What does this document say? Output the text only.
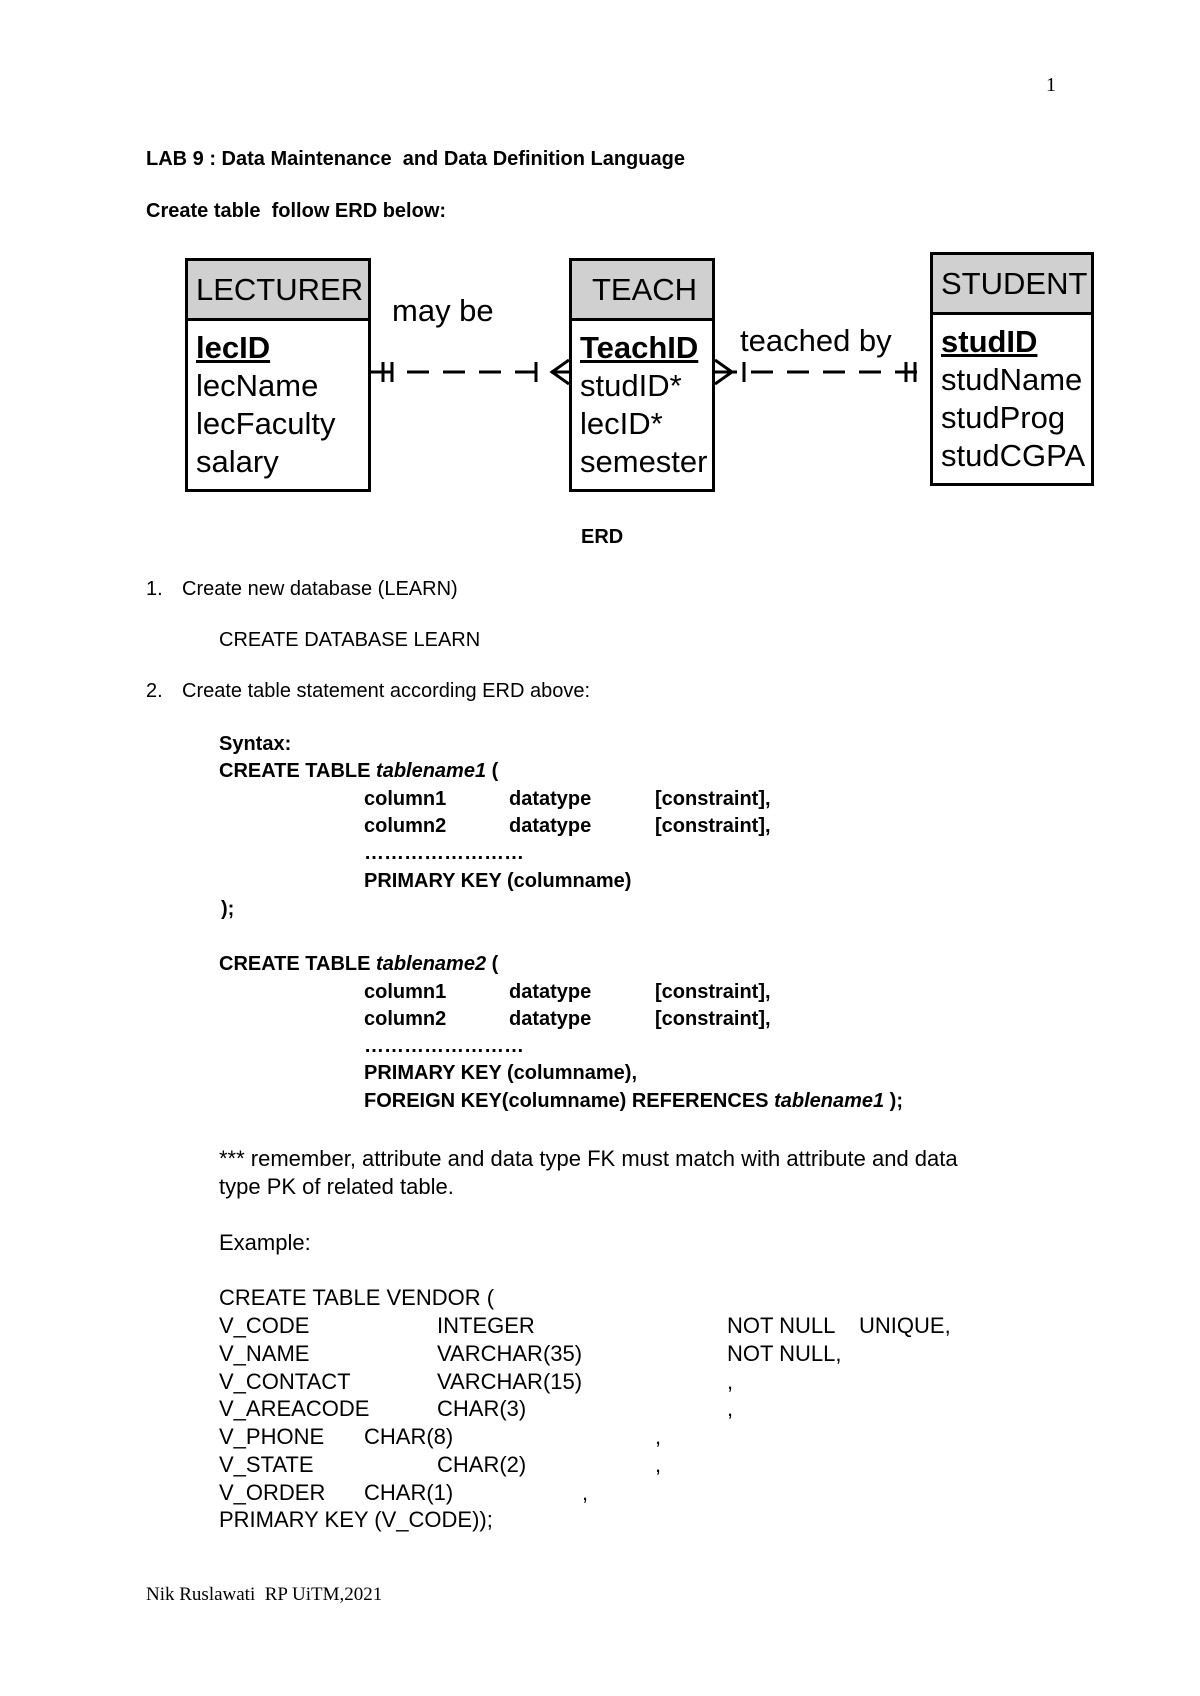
1
LAB 9 : Data Maintenance  and Data Definition Language
Create table  follow ERD below:
LECTURER
lecID
lecName
lecFaculty
salary
TEACH
TeachID
studID*
lecID*
semester
STUDENT
studID
studName
studProg
studCGPA
may be
teached by
ERD
1. Create new database (LEARN)
CREATE DATABASE LEARN
2. Create table statement according ERD above:
Syntax:
CREATE TABLE tablename1 (
column1	datatype	[constraint],
column2	datatype	[constraint],
……………………
PRIMARY KEY (columname)
);
CREATE TABLE tablename2 (
column1	datatype	[constraint],
column2	datatype	[constraint],
……………………
PRIMARY KEY (columname),
FOREIGN KEY(columname) REFERENCES tablename1 );
*** remember, attribute and data type FK must match with attribute and data
type PK of related table.
Example:
CREATE TABLE VENDOR (
V_CODE	INTEGER	NOT NULL    UNIQUE,
V_NAME	VARCHAR(35)	NOT NULL,
V_CONTACT	VARCHAR(15)	,
V_AREACODE	CHAR(3)	,
V_PHONE CHAR(8)	,
V_STATE	CHAR(2)	,
V_ORDER CHAR(1)	,
PRIMARY KEY (V_CODE));
Nik Ruslawati  RP UiTM,2021
